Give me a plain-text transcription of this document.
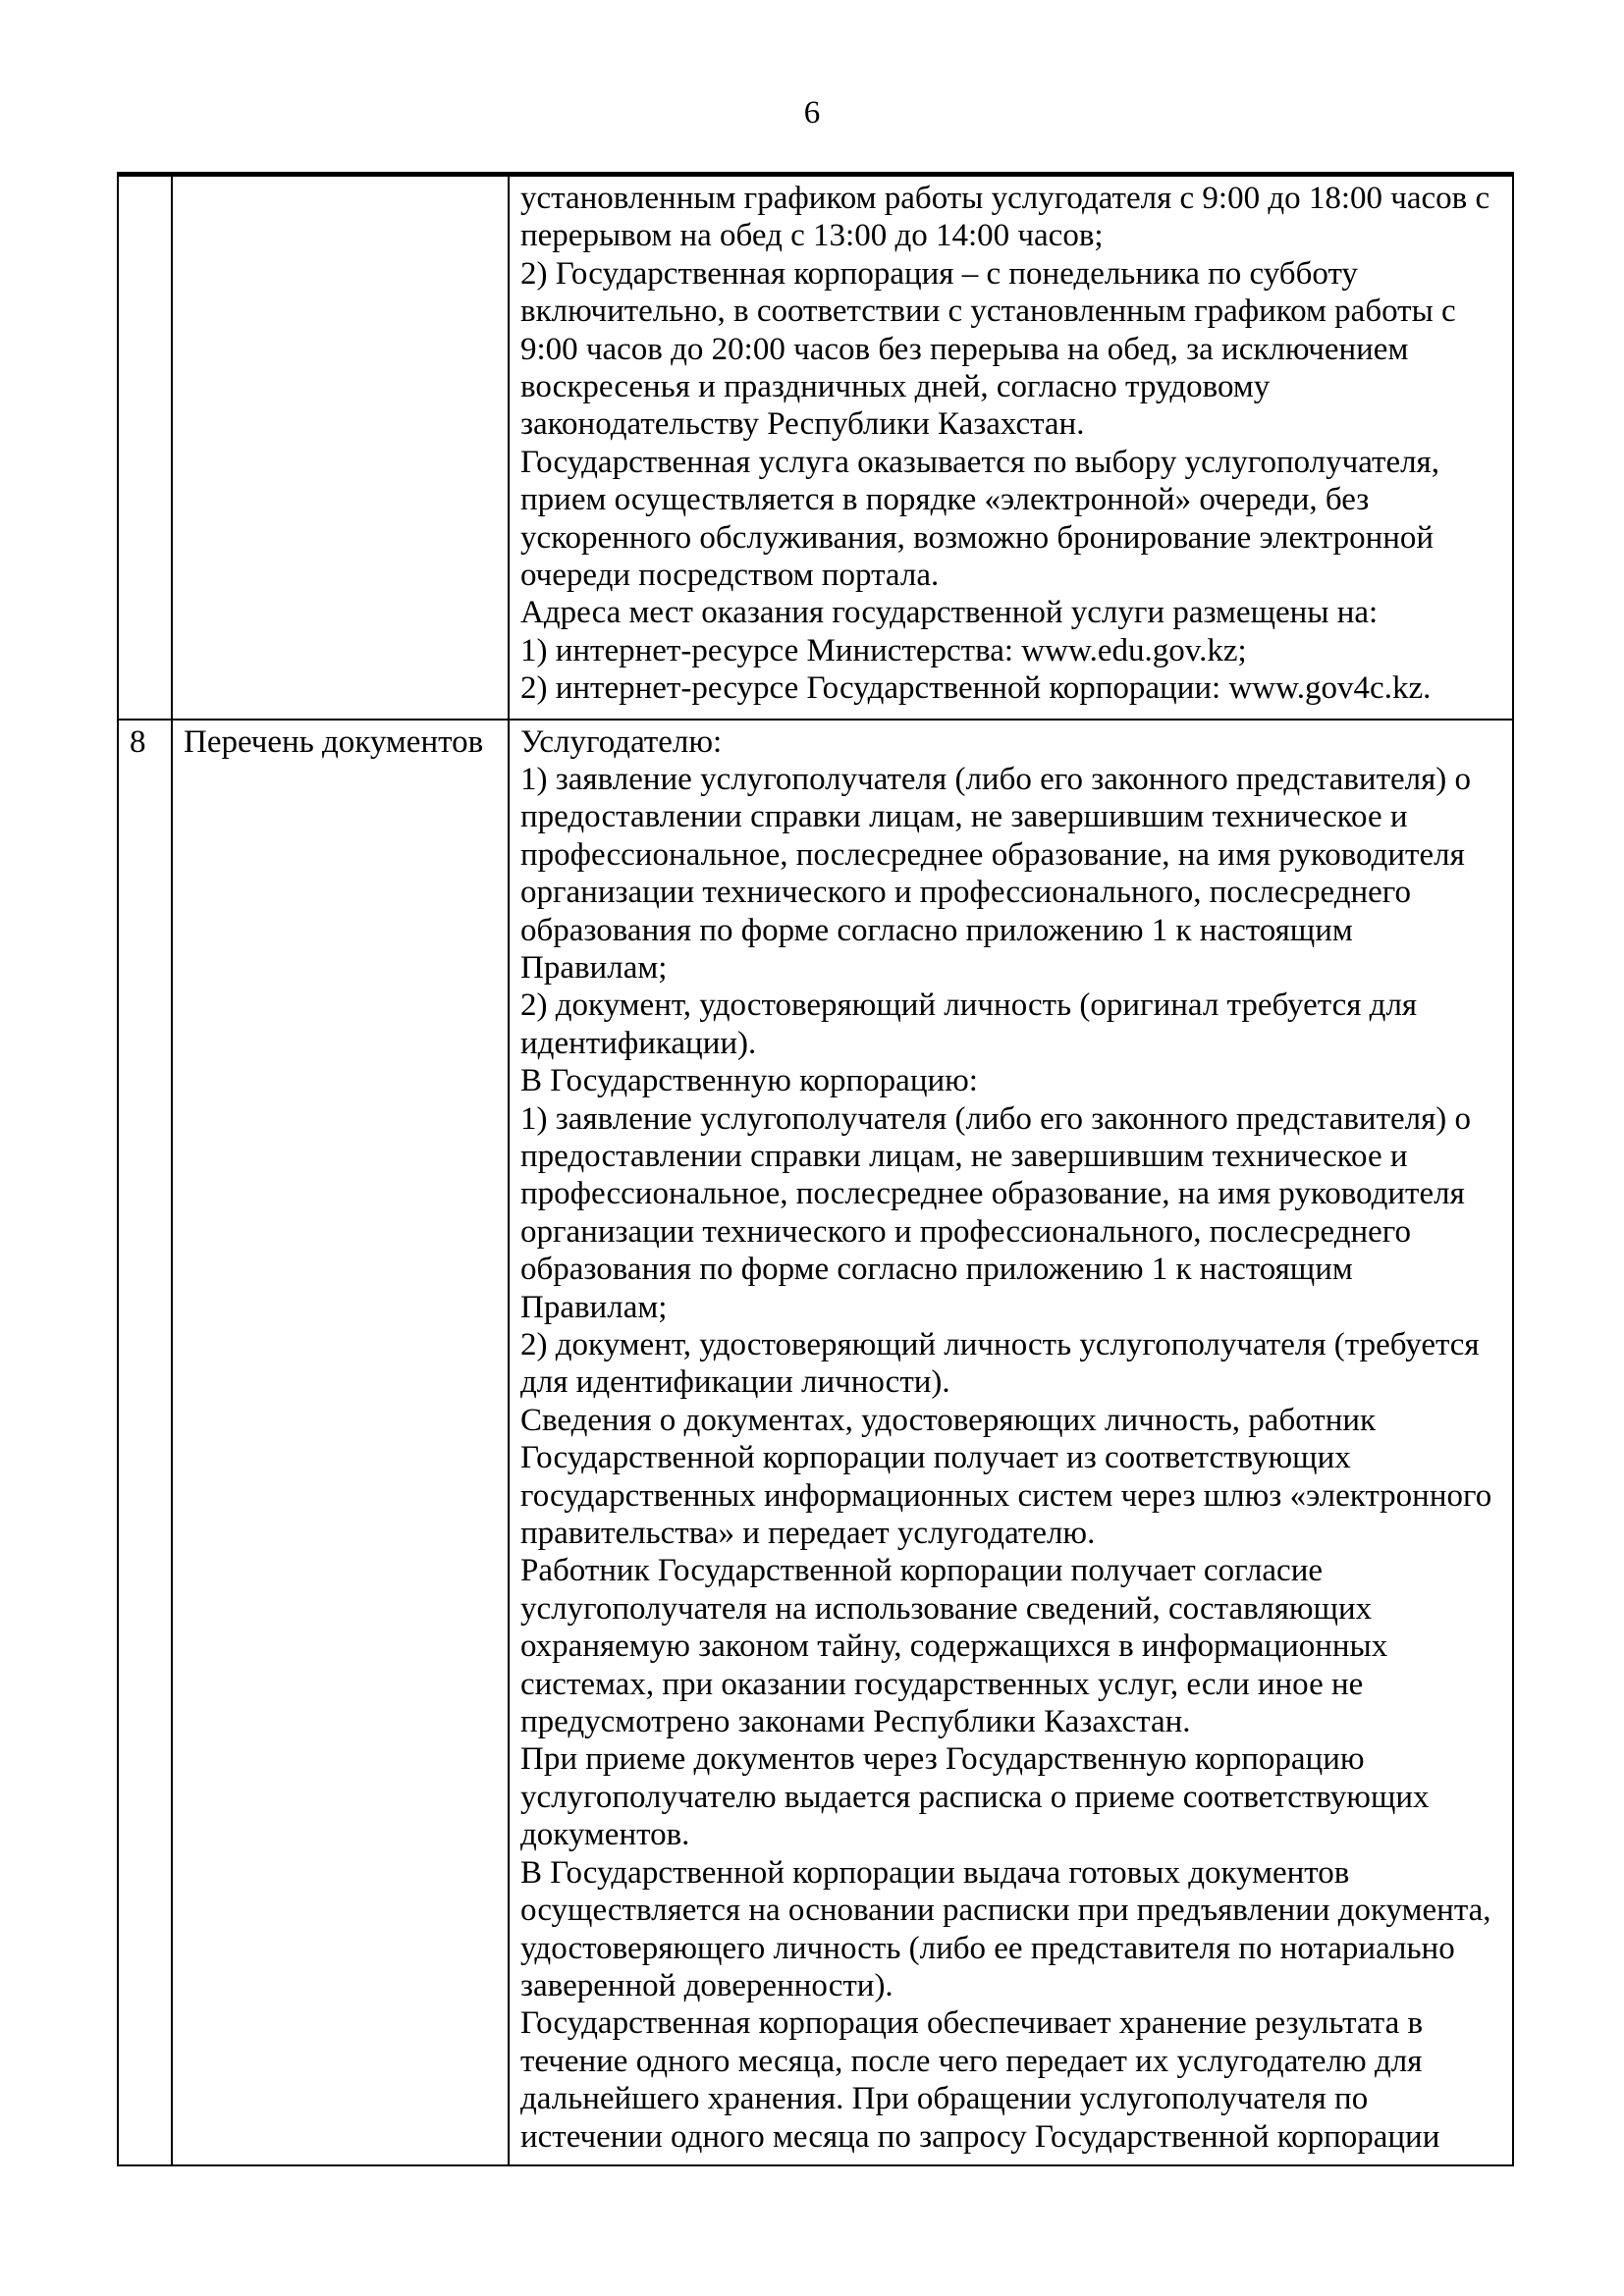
6

установленным графиком работы услугодателя с 9:00 до 18:00 часов с перерывом на обед с 13:00 до 14:00 часов;

2) Государственная корпорация – с понедельника по субботу включительно, в соответствии с установленным графиком работы с 9:00 часов до 20:00 часов без перерыва на обед, за исключением воскресенья и праздничных дней, согласно трудовому законодательству Республики Казахстан.

Государственная услуга оказывается по выбору услугополучателя, прием осуществляется в порядке «электронной» очереди, без ускоренного обслуживания, возможно бронирование электронной очереди посредством портала.

Адреса мест оказания государственной услуги размещены на:

1) интернет-ресурсе Министерства: www.edu.gov.kz;

2) интернет-ресурсе Государственной корпорации: www.gov4c.kz.

8	Перечень документов	Услугодателю:

1) заявление услугополучателя (либо его законного представителя) о предоставлении справки лицам, не завершившим техническое и профессиональное, послесреднее образование, на имя руководителя организации технического и профессионального, послесреднего образования по форме согласно приложению 1 к настоящим Правилам;

2) документ, удостоверяющий личность (оригинал требуется для идентификации).

В Государственную корпорацию:

1) заявление услугополучателя (либо его законного представителя) о предоставлении справки лицам, не завершившим техническое и профессиональное, послесреднее образование, на имя руководителя организации технического и профессионального, послесреднего образования по форме согласно приложению 1 к настоящим Правилам;

2) документ, удостоверяющий личность услугополучателя (требуется для идентификации личности).

Сведения о документах, удостоверяющих личность, работник Государственной корпорации получает из соответствующих государственных информационных систем через шлюз «электронного правительства» и передает услугодателю.

Работник Государственной корпорации получает согласие услугополучателя на использование сведений, составляющих охраняемую законом тайну, содержащихся в информационных системах, при оказании государственных услуг, если иное не предусмотрено законами Республики Казахстан.

При приеме документов через Государственную корпорацию услугополучателю выдается расписка о приеме соответствующих документов.

В Государственной корпорации выдача готовых документов осуществляется на основании расписки при предъявлении документа, удостоверяющего личность (либо ее представителя по нотариально заверенной доверенности).

Государственная корпорация обеспечивает хранение результата в течение одного месяца, после чего передает их услугодателю для дальнейшего хранения. При обращении услугополучателя по истечении одного месяца по запросу Государственной корпорации
